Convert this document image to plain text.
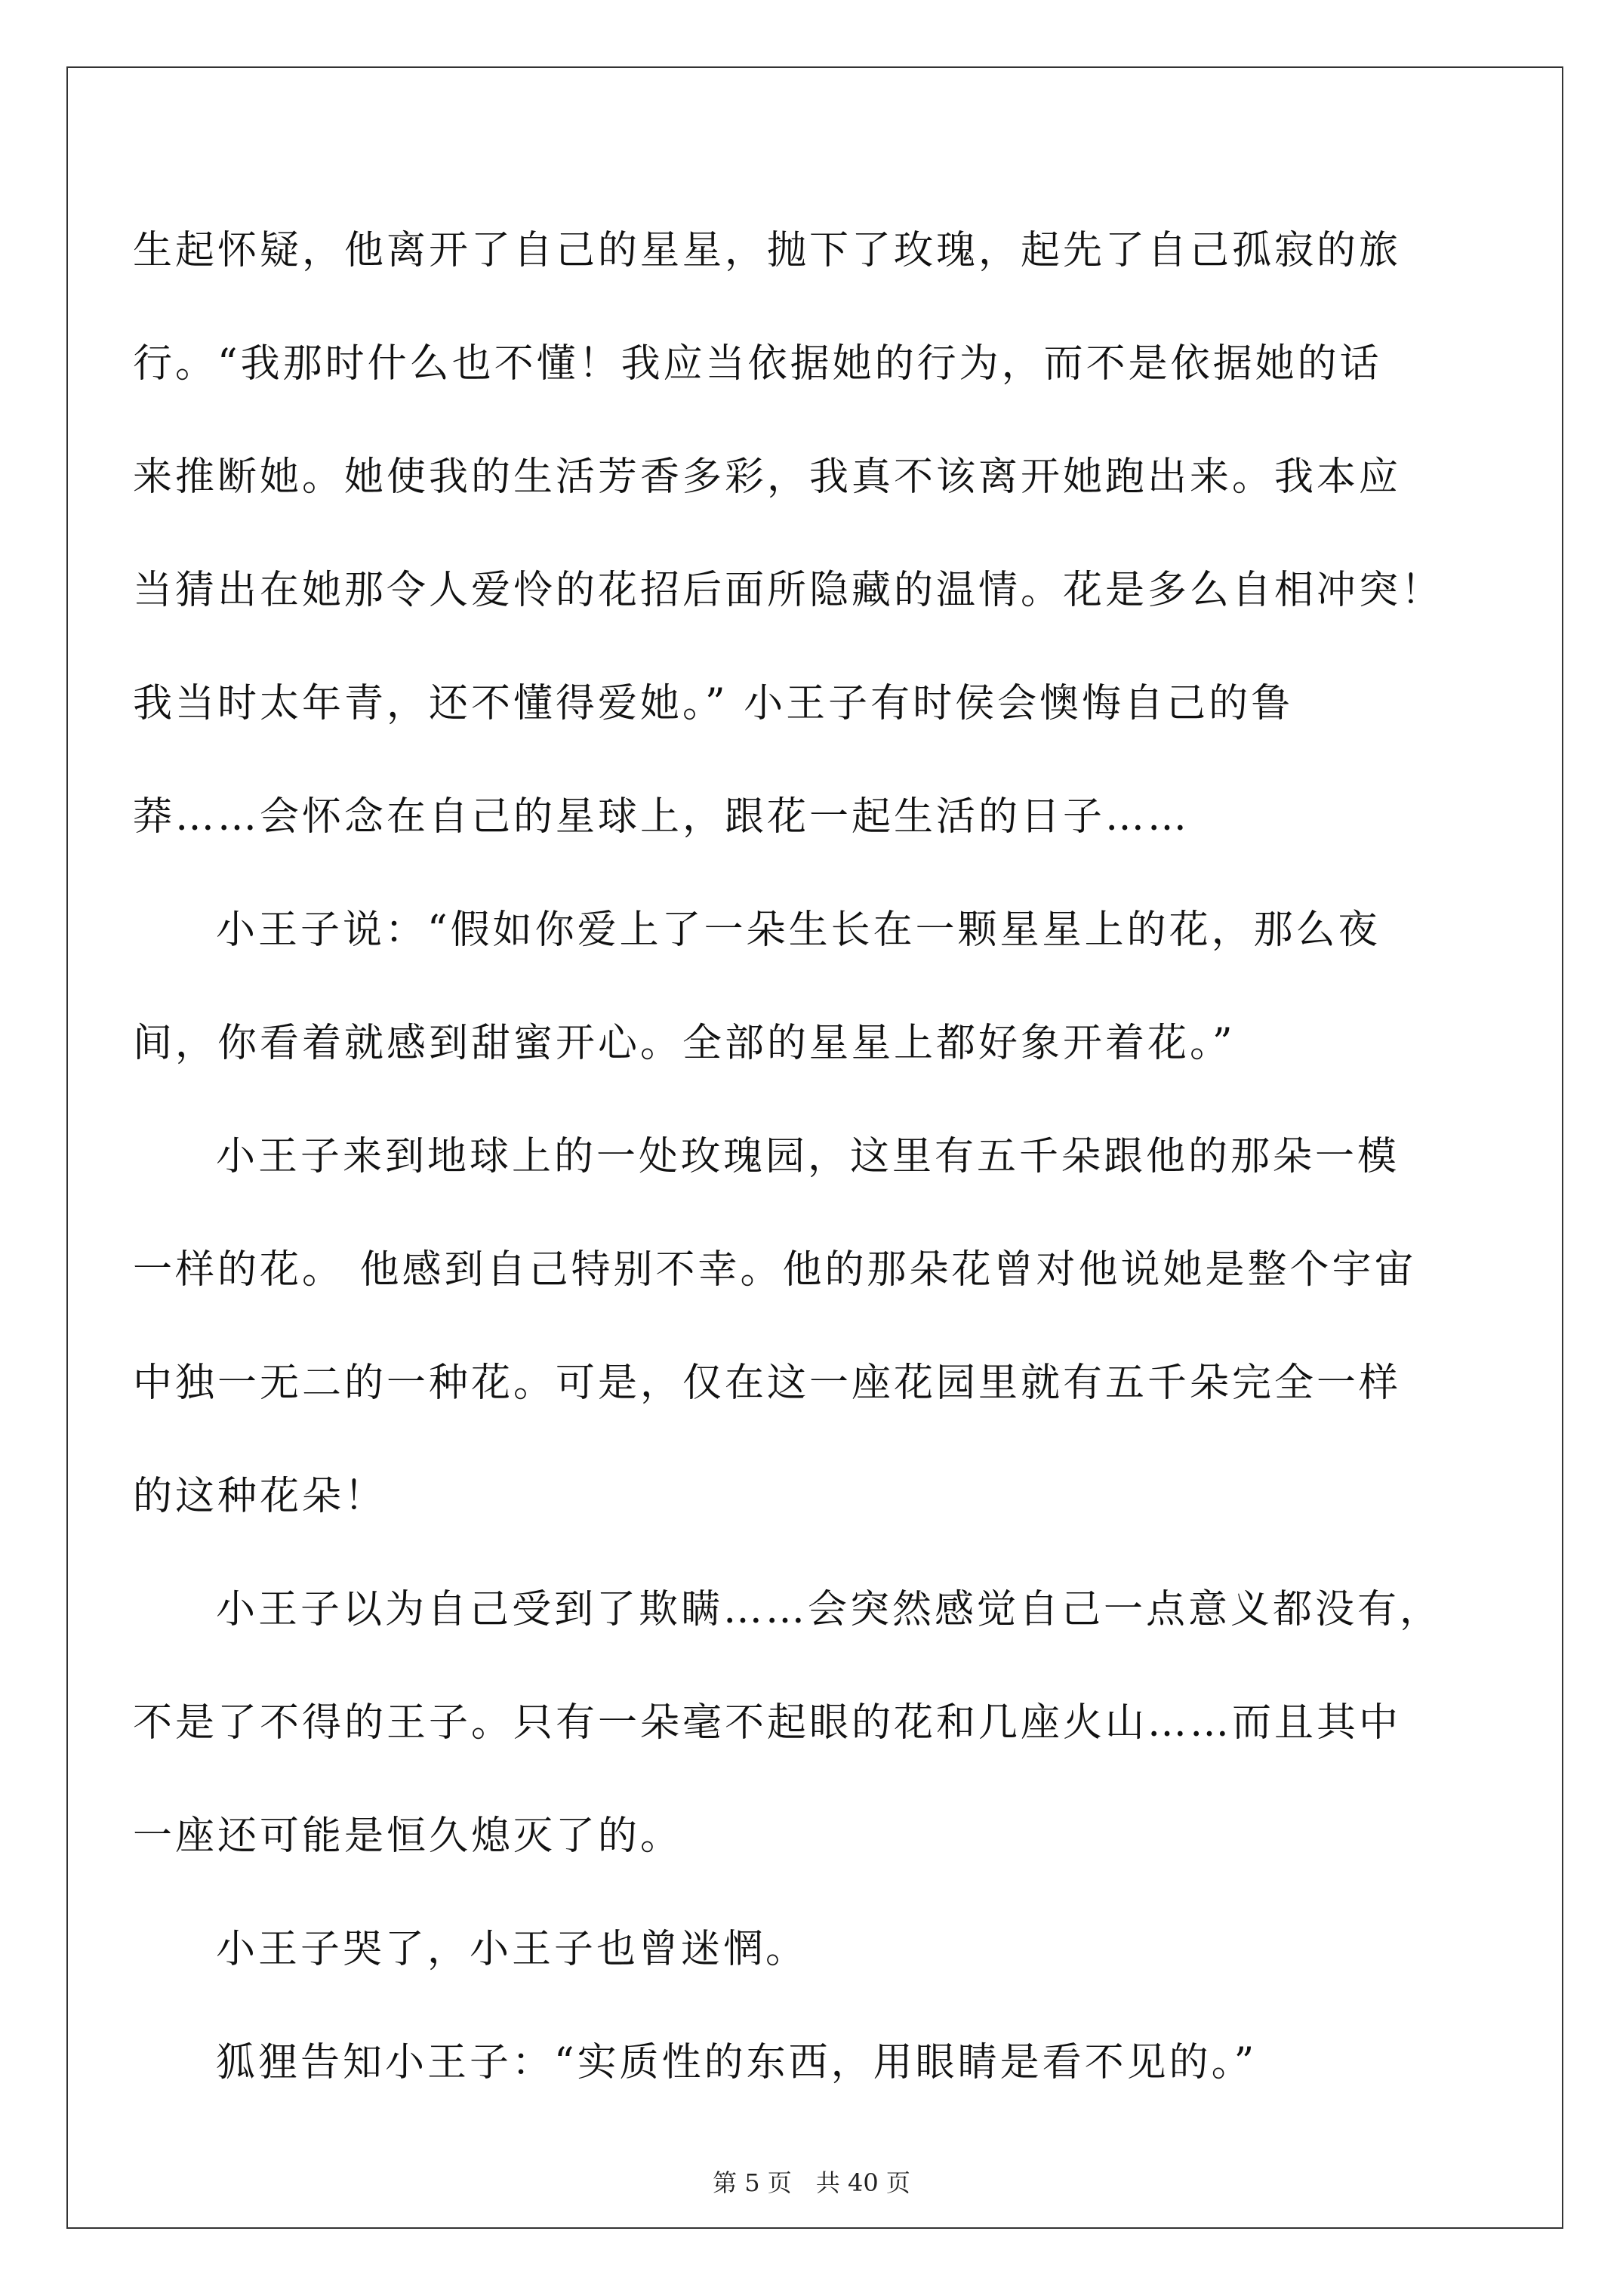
生起怀疑，他离开了自己的星星，抛下了玫瑰，起先了自己孤寂的旅
行。“我那时什么也不懂！我应当依据她的行为，而不是依据她的话
来推断她。她使我的生活芳香多彩，我真不该离开她跑出来。我本应
当猜出在她那令人爱怜的花招后面所隐藏的温情。花是多么自相冲突！
我当时太年青，还不懂得爱她。” 小王子有时侯会懊悔自己的鲁
莽……会怀念在自己的星球上，跟花一起生活的日子……
小王子说：“假如你爱上了一朵生长在一颗星星上的花，那么夜
间，你看着就感到甜蜜开心。全部的星星上都好象开着花。”
小王子来到地球上的一处玫瑰园，这里有五千朵跟他的那朵一模
一样的花。 他感到自己特别不幸。他的那朵花曾对他说她是整个宇宙
中独一无二的一种花。可是，仅在这一座花园里就有五千朵完全一样
的这种花朵！
小王子以为自己受到了欺瞒……会突然感觉自己一点意义都没有，
不是了不得的王子。只有一朵毫不起眼的花和几座火山……而且其中
一座还可能是恒久熄灭了的。
小王子哭了，小王子也曾迷惘。
狐狸告知小王子：“实质性的东西，用眼睛是看不见的。”
第 5 页 共 40 页
